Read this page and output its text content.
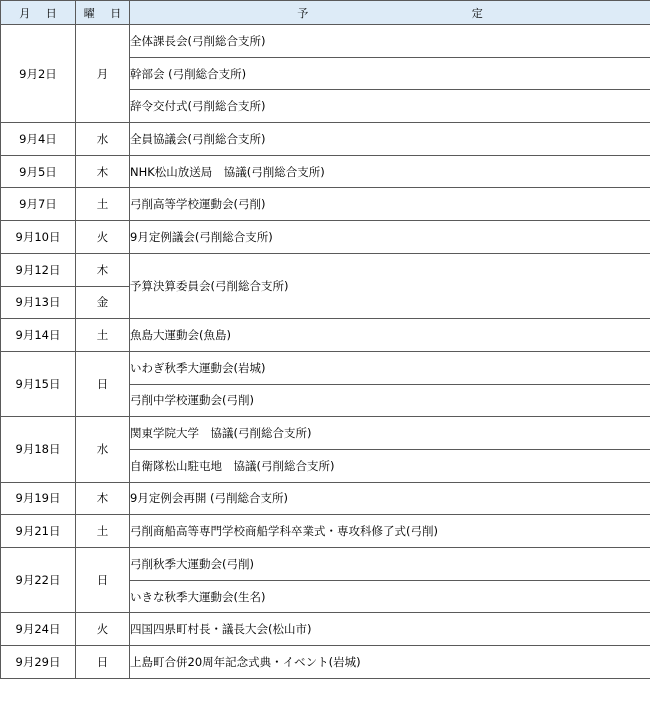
月 日	曜 日	予 定
9月2日	月	全体課長会(弓削総合支所)
		幹部会 (弓削総合支所)
		辞令交付式(弓削総合支所)
9月4日	水	全員協議会(弓削総合支所)
9月5日	木	NHK松山放送局　協議(弓削総合支所)
9月7日	土	弓削高等学校運動会(弓削)
9月10日	火	9月定例議会(弓削総合支所)
9月12日	木	予算決算委員会(弓削総合支所)
9月13日	金	
9月14日	土	魚島大運動会(魚島)
9月15日	日	いわぎ秋季大運動会(岩城)
		弓削中学校運動会(弓削)
9月18日	水	関東学院大学　協議(弓削総合支所)
		自衛隊松山駐屯地　協議(弓削総合支所)
9月19日	木	9月定例会再開 (弓削総合支所)
9月21日	土	弓削商船高等専門学校商船学科卒業式・専攻科修了式(弓削)
9月22日	日	弓削秋季大運動会(弓削)
		いきな秋季大運動会(生名)
9月24日	火	四国四県町村長・議長大会(松山市)
9月29日	日	上島町合併20周年記念式典・イベント(岩城)
